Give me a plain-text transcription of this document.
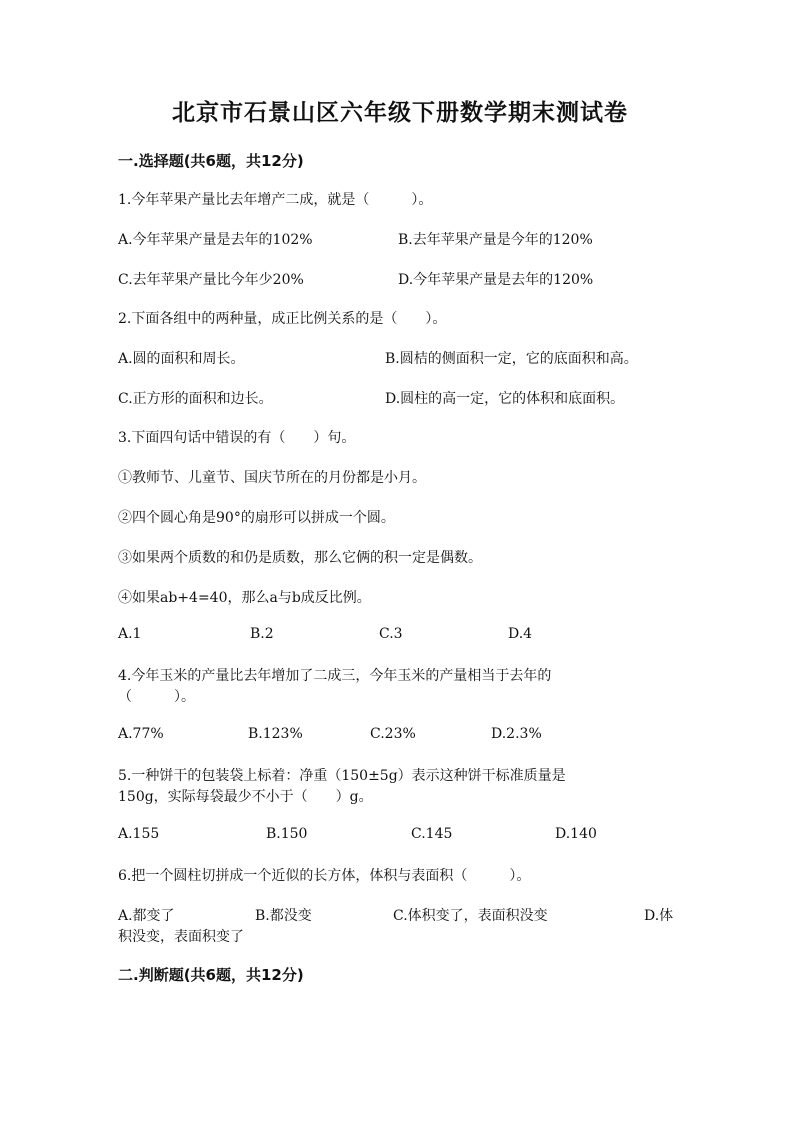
北京市石景山区六年级下册数学期末测试卷
一.选择题(共6题，共12分)
1.今年苹果产量比去年增产二成，就是（　　　）。
A.今年苹果产量是去年的102%	B.去年苹果产量是今年的120%
C.去年苹果产量比今年少20%	D.今年苹果产量是去年的120%
2.下面各组中的两种量，成正比例关系的是（　　）。
A.圆的面积和周长。	B.圆桔的侧面积一定，它的底面积和高。
C.正方形的面积和边长。	D.圆柱的高一定，它的体积和底面积。
3.下面四句话中错误的有（　　）句。
①教师节、儿童节、国庆节所在的月份都是小月。
②四个圆心角是90°的扇形可以拼成一个圆。
③如果两个质数的和仍是质数，那么它俩的积一定是偶数。
④如果ab+4=40，那么a与b成反比例。
A.1	B.2	C.3	D.4
4.今年玉米的产量比去年增加了二成三，今年玉米的产量相当于去年的
（　　　）。
A.77%	B.123%	C.23%	D.2.3%
5.一种饼干的包装袋上标着：净重（150±5g）表示这种饼干标准质量是
150g，实际每袋最少不小于（　　）g。
A.155	B.150	C.145	D.140
6.把一个圆柱切拼成一个近似的长方体，体积与表面积（　　　）。
A.都变了	B.都没变	C.体积变了，表面积没变	D.体
积没变，表面积变了
二.判断题(共6题，共12分)
